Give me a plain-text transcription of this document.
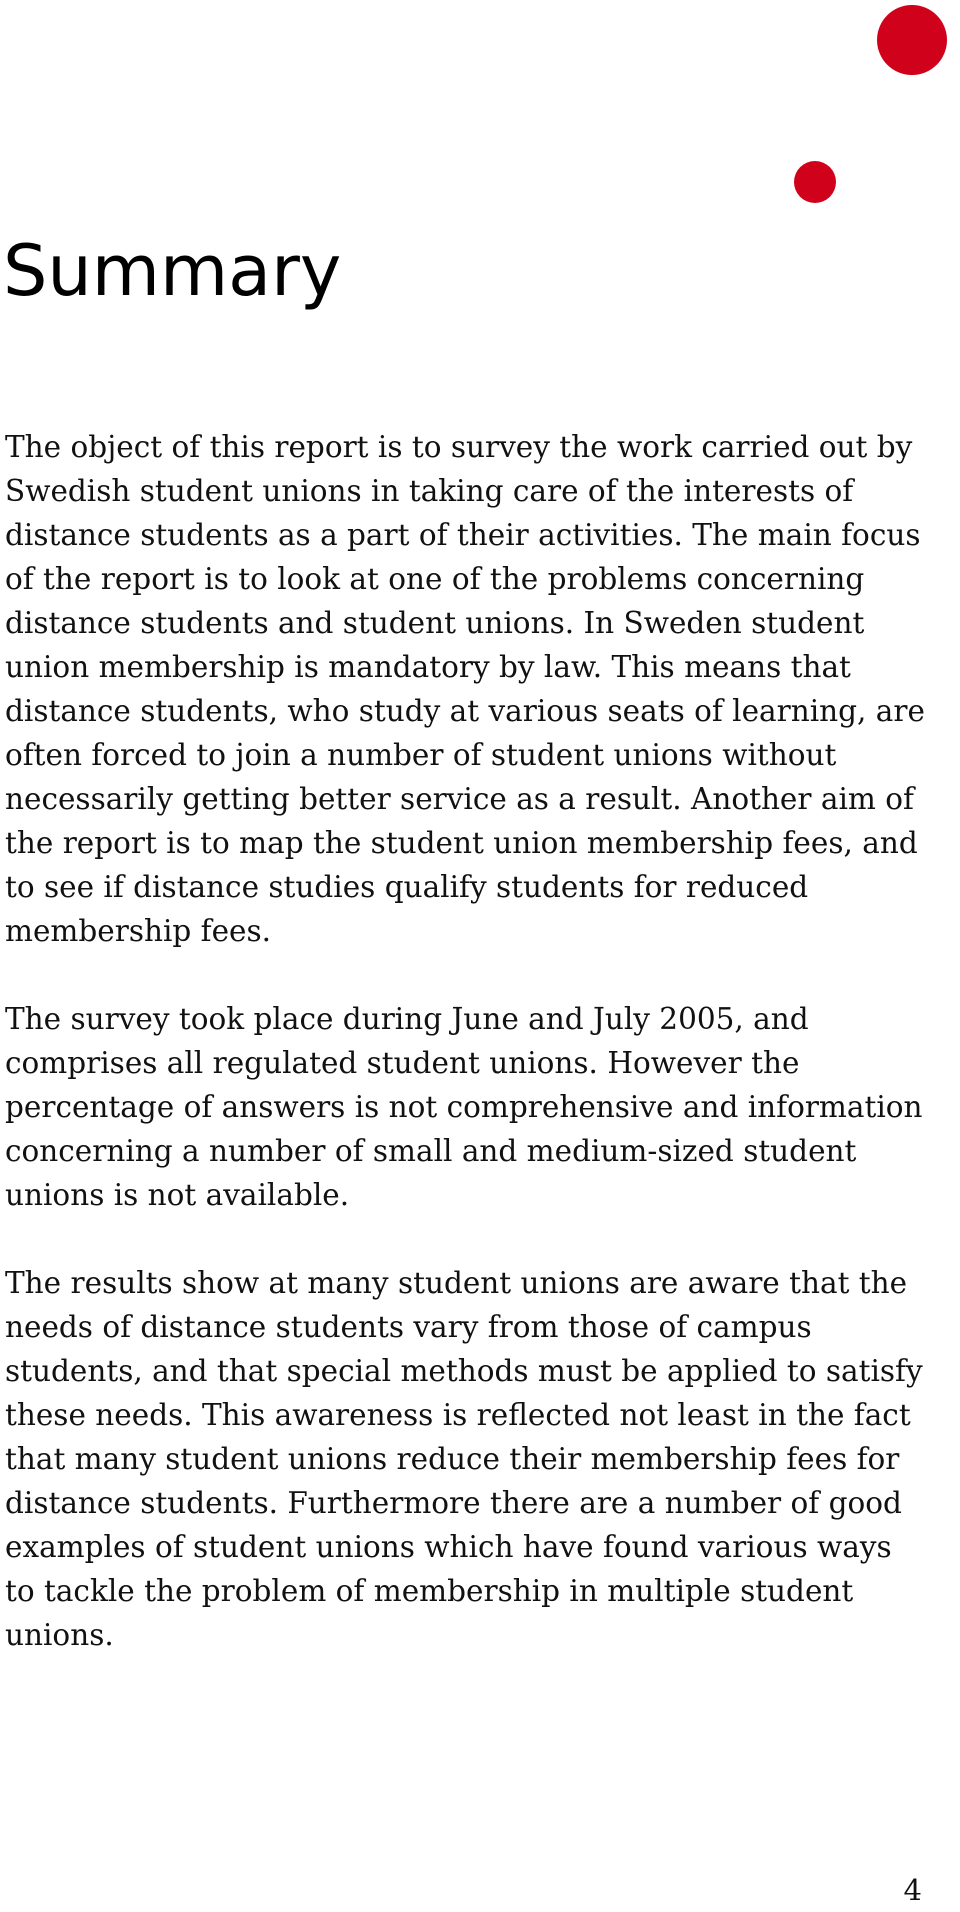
Summary

The object of this report is to survey the work carried out by
Swedish student unions in taking care of the interests of
distance students as a part of their activities. The main focus
of the report is to look at one of the problems concerning
distance students and student unions. In Sweden student
union membership is mandatory by law. This means that
distance students, who study at various seats of learning, are
often forced to join a number of student unions without
necessarily getting better service as a result. Another aim of
the report is to map the student union membership fees, and
to see if distance studies qualify students for reduced
membership fees.

The survey took place during June and July 2005, and
comprises all regulated student unions. However the
percentage of answers is not comprehensive and information
concerning a number of small and medium-sized student
unions is not available.

The results show at many student unions are aware that the
needs of distance students vary from those of campus
students, and that special methods must be applied to satisfy
these needs. This awareness is reflected not least in the fact
that many student unions reduce their membership fees for
distance students. Furthermore there are a number of good
examples of student unions which have found various ways
to tackle the problem of membership in multiple student
unions.

4
